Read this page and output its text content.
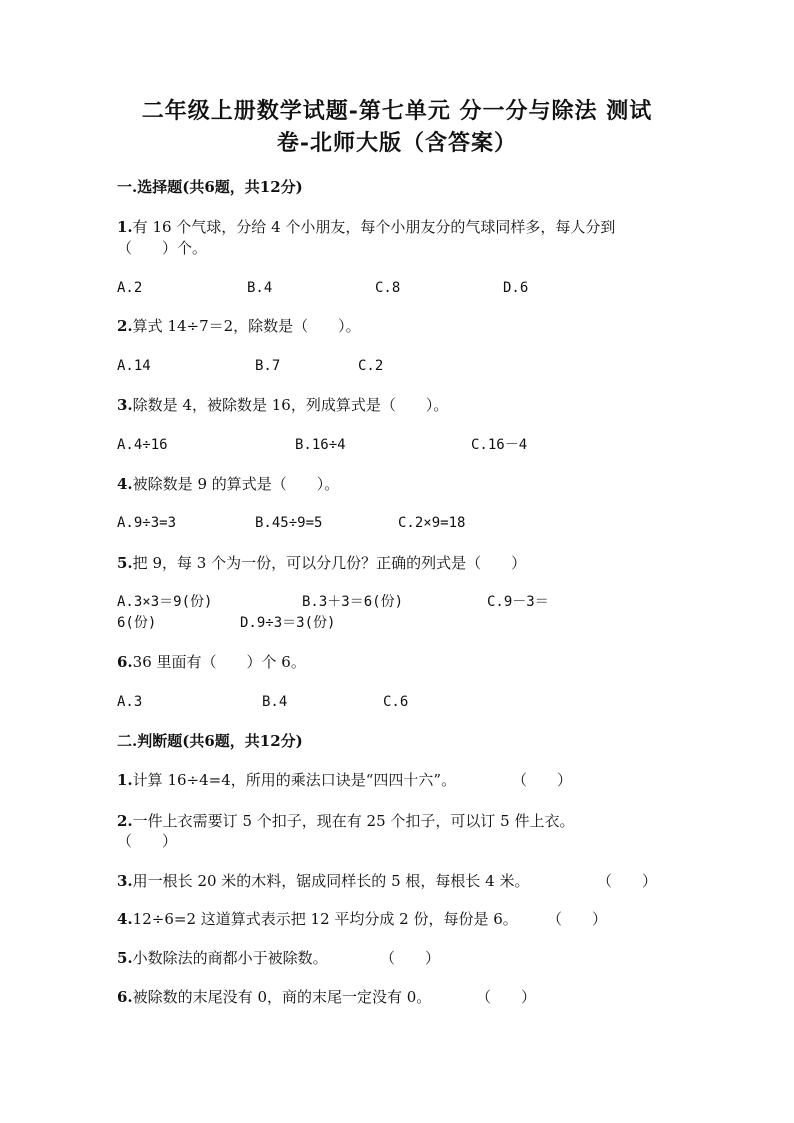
二年级上册数学试题-第七单元 分一分与除法 测试
卷-北师大版（含答案）
一.选择题(共6题，共12分)
1.有 16 个气球，分给 4 个小朋友，每个小朋友分的气球同样多，每人分到
（　　）个。
A.2	B.4	C.8	D.6
2.算式 14÷7＝2，除数是（　　）。
A.14	B.7	C.2
3.除数是 4，被除数是 16，列成算式是（　　）。
A.4÷16	B.16÷4	C.16－4
4.被除数是 9 的算式是（　　）。
A.9÷3=3	B.45÷9=5	C.2×9=18
5.把 9，每 3 个为一份，可以分几份？正确的列式是（　　）
A.3×3＝9(份)	B.3＋3＝6(份)	C.9－3＝
6(份)	D.9÷3＝3(份)
6.36 里面有（　　）个 6。
A.3	B.4	C.6
二.判断题(共6题，共12分)
1.计算 16÷4=4，所用的乘法口诀是“四四十六”。	（　　）
2.一件上衣需要订 5 个扣子，现在有 25 个扣子，可以订 5 件上衣。
（　　）
3.用一根长 20 米的木料，锯成同样长的 5 根，每根长 4 米。	（　　）
4.12÷6=2 这道算式表示把 12 平均分成 2 份，每份是 6。 （　　）
5.小数除法的商都小于被除数。	（　　）
6.被除数的末尾没有 0，商的末尾一定没有 0。	（　　）
